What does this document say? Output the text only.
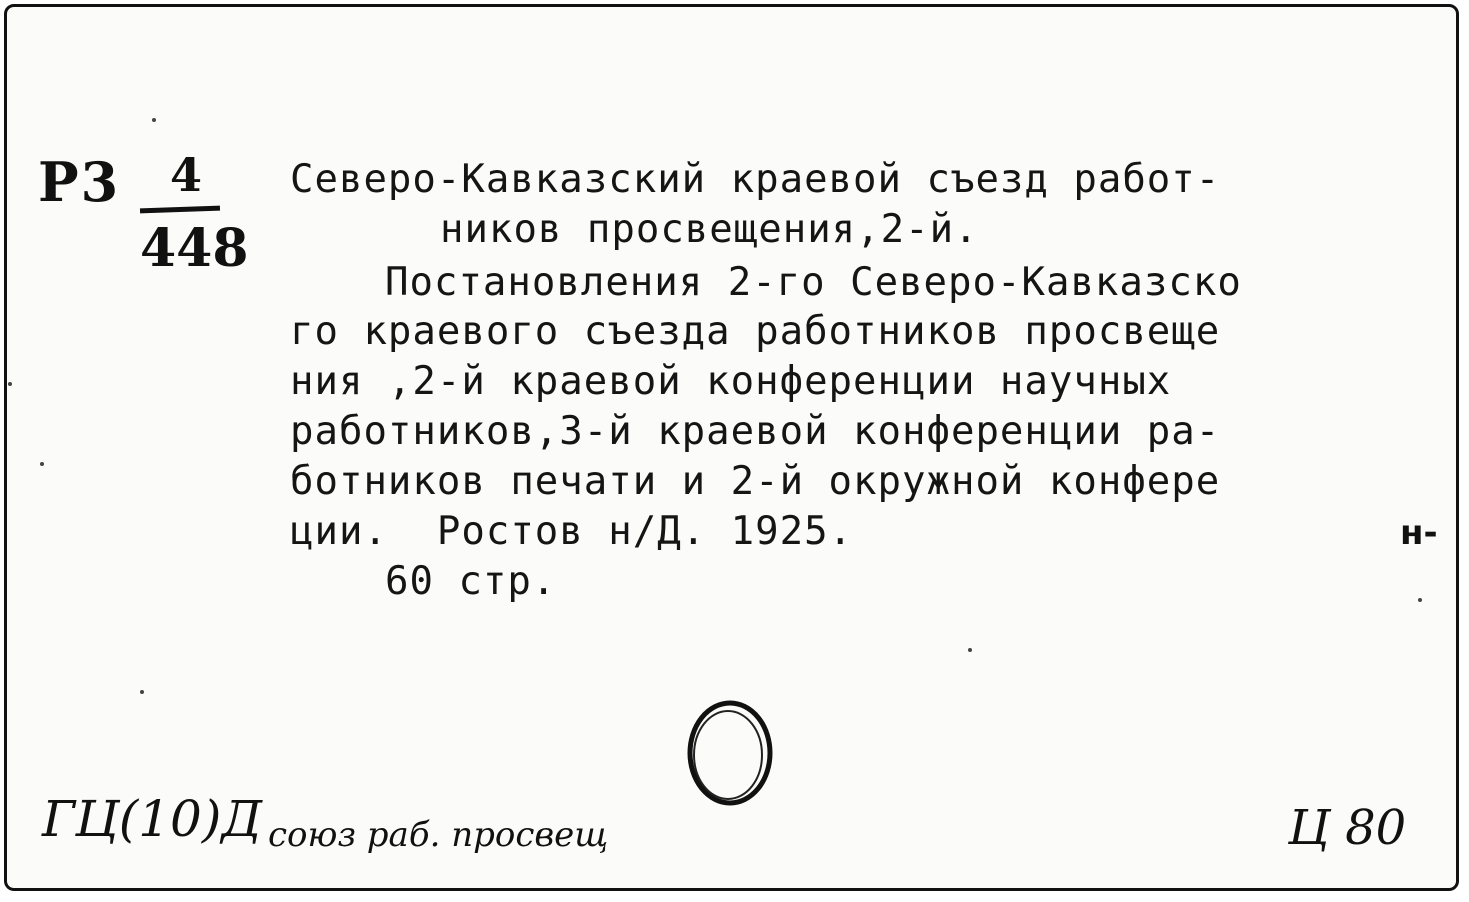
Р3 4
448
Северо-Кавказский краевой съезд работ-
ников просвещения,2-й.
Постановления 2-го Северо-Кавказско
го краевого съезда работников просвеще
ния ,2-й краевой конференции научных
работников,3-й краевой конференции ра-
ботников печати и 2-й окружной конфере
ции.  Ростов н/Д. 1925.
60 стр.
н-
ГЦ(10)Д союз раб. просвещ	Ц 80
